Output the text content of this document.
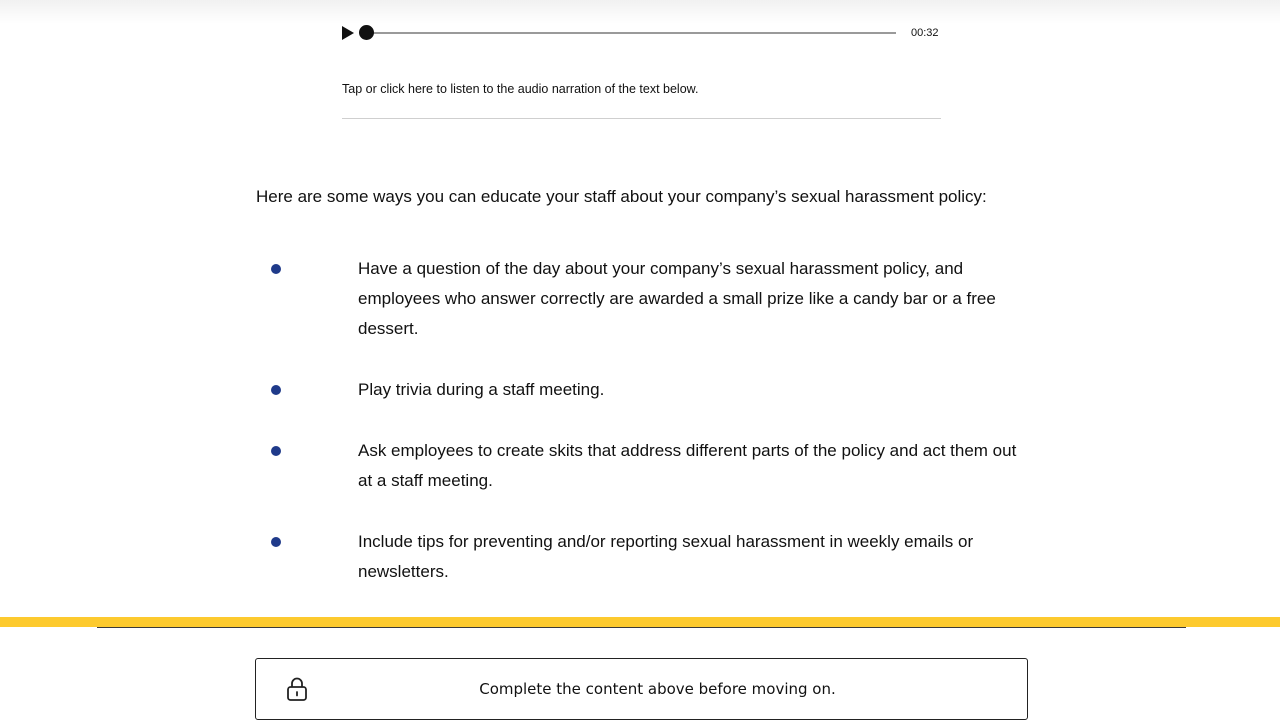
00:32
Tap or click here to listen to the audio narration of the text below.

Here are some ways you can educate your staff about your company’s sexual harassment policy:

Have a question of the day about your company’s sexual harassment policy, and employees who answer correctly are awarded a small prize like a candy bar or a free dessert.
Play trivia during a staff meeting.
Ask employees to create skits that address different parts of the policy and act them out at a staff meeting.
Include tips for preventing and/or reporting sexual harassment in weekly emails or newsletters.
Complete the content above before moving on.
